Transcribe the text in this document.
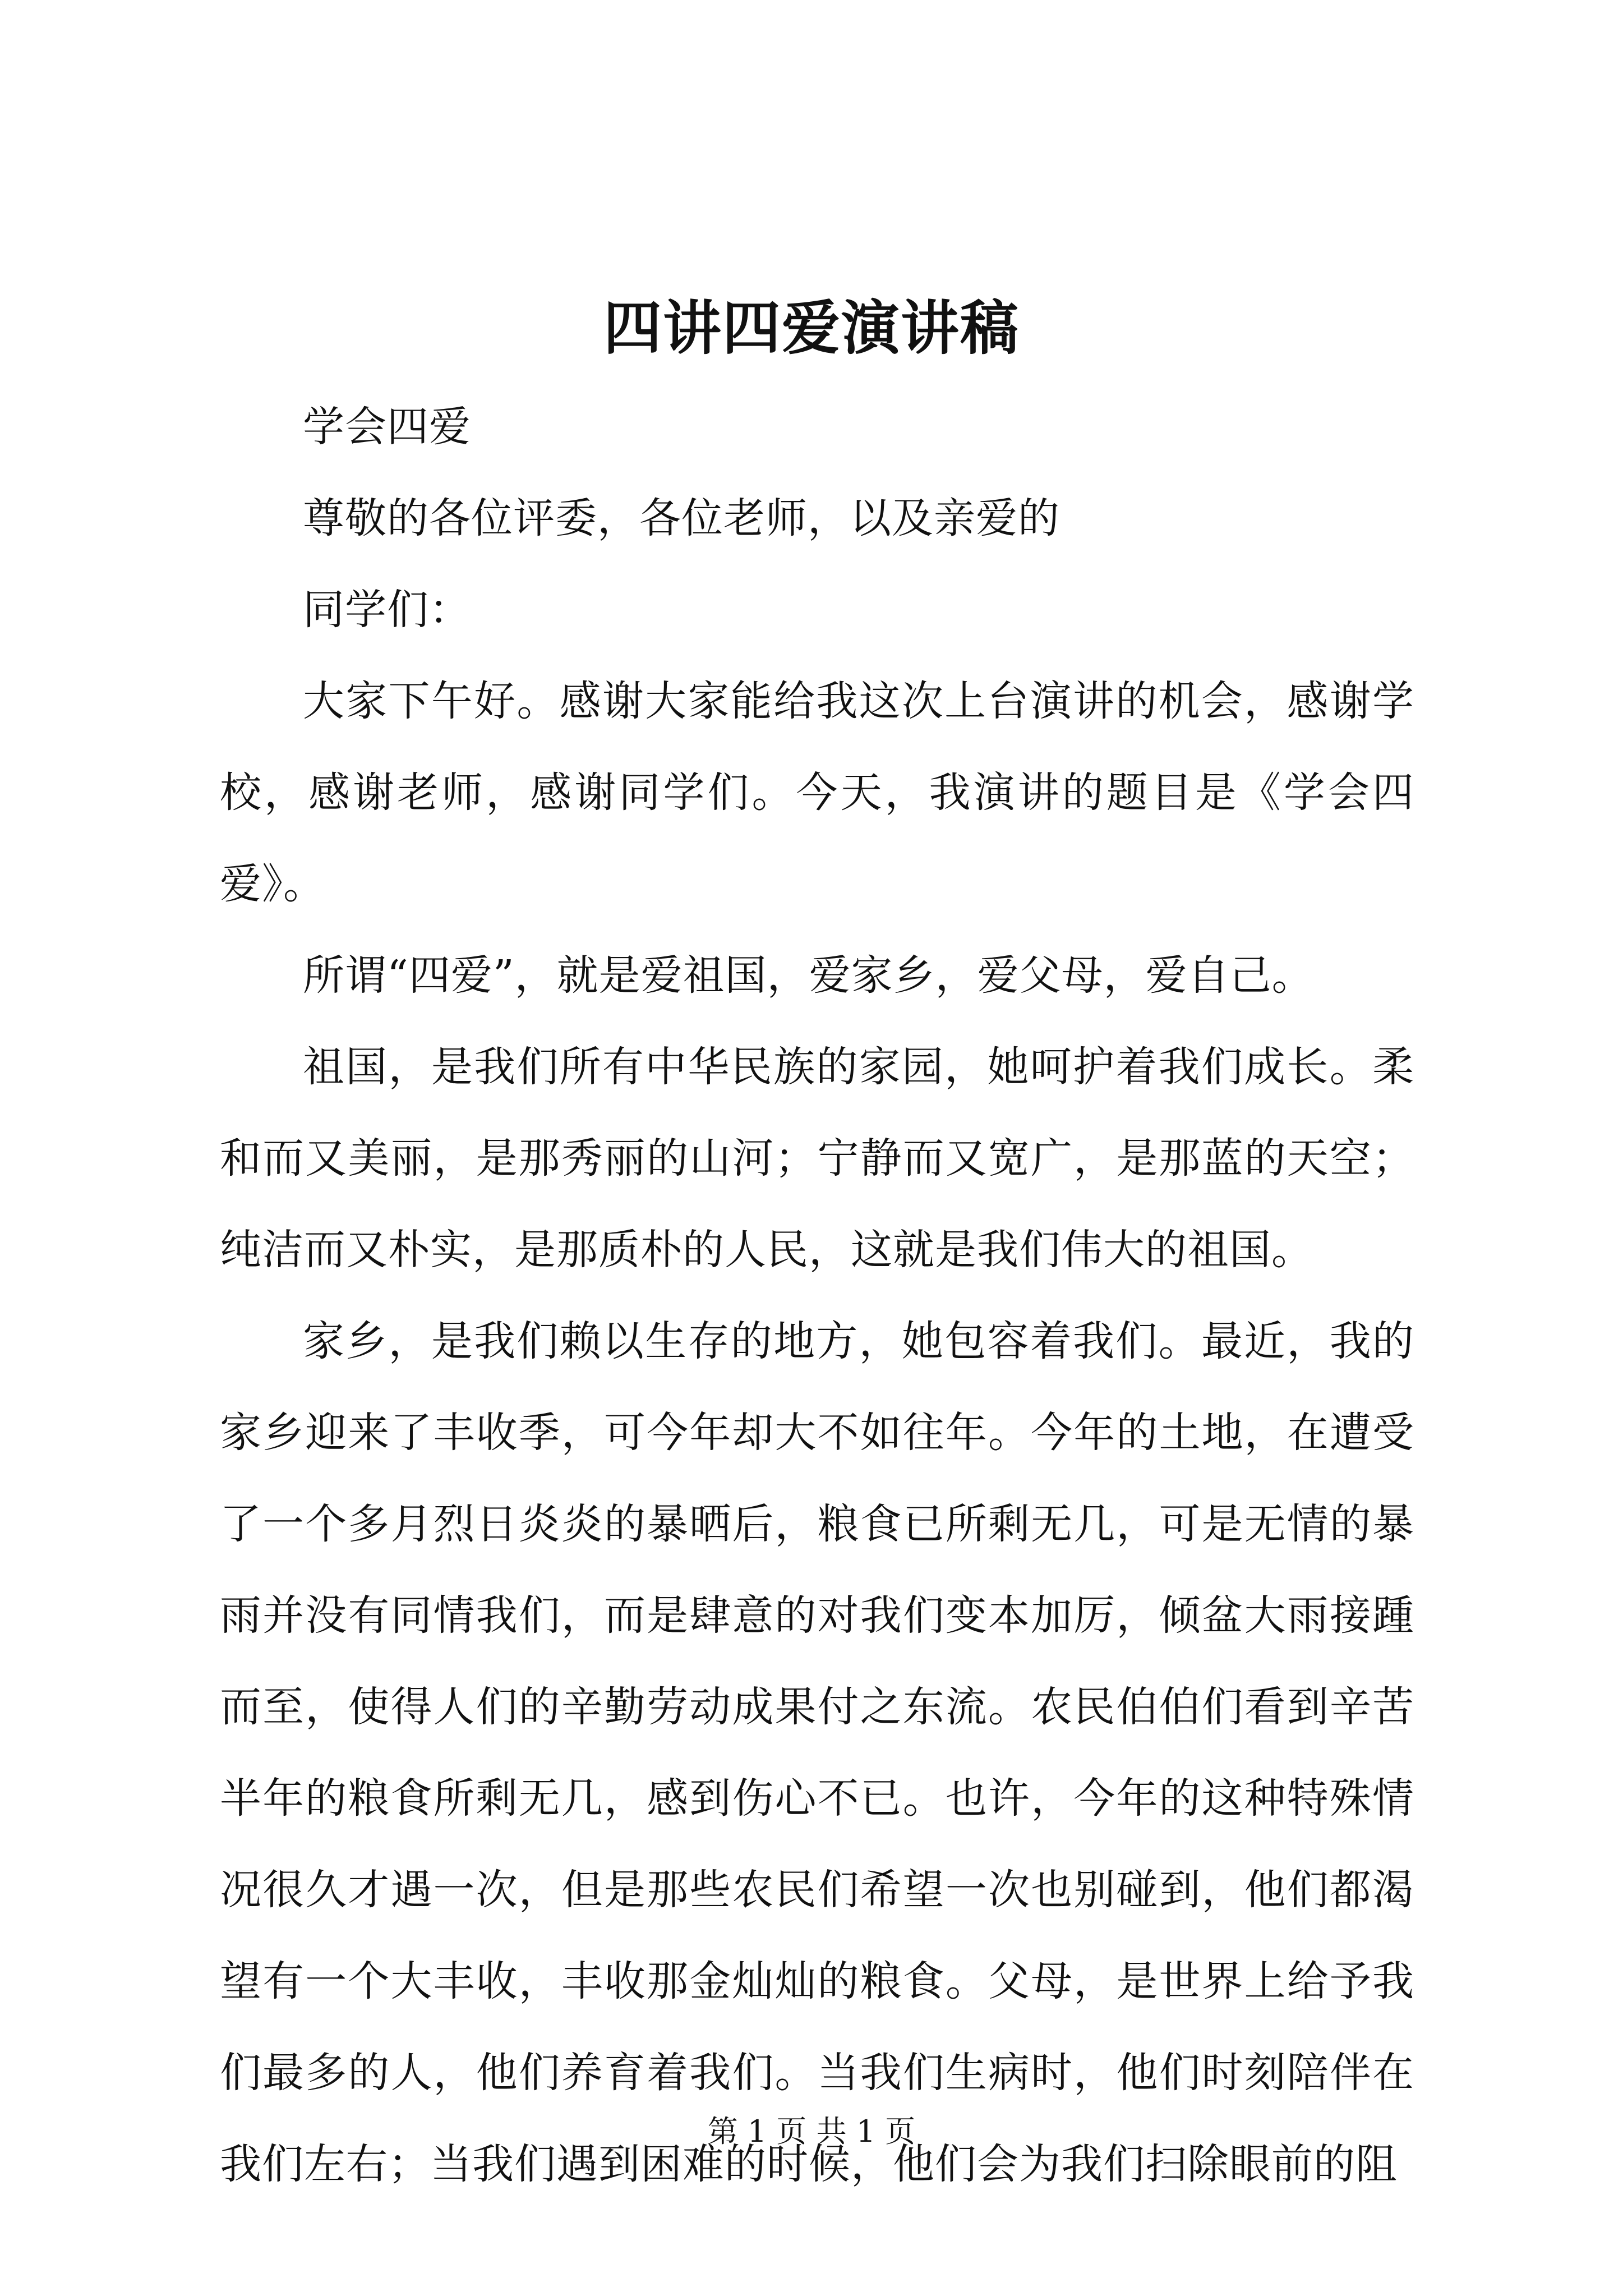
四讲四爱演讲稿

学会四爱

尊敬的各位评委，各位老师，以及亲爱的

同学们：

大家下午好。感谢大家能给我这次上台演讲的机会，感谢学校，感谢老师，感谢同学们。今天，我演讲的题目是《学会四爱》。

所谓“四爱”，就是爱祖国，爱家乡，爱父母，爱自己。

祖国，是我们所有中华民族的家园，她呵护着我们成长。柔和而又美丽，是那秀丽的山河；宁静而又宽广，是那蓝的天空；纯洁而又朴实，是那质朴的人民，这就是我们伟大的祖国。

家乡，是我们赖以生存的地方，她包容着我们。最近，我的家乡迎来了丰收季，可今年却大不如往年。今年的土地，在遭受了一个多月烈日炎炎的暴晒后，粮食已所剩无几，可是无情的暴雨并没有同情我们，而是肆意的对我们变本加厉，倾盆大雨接踵而至，使得人们的辛勤劳动成果付之东流。农民伯伯们看到辛苦半年的粮食所剩无几，感到伤心不已。也许，今年的这种特殊情况很久才遇一次，但是那些农民们希望一次也别碰到，他们都渴望有一个大丰收，丰收那金灿灿的粮食。父母，是世界上给予我们最多的人，他们养育着我们。当我们生病时，他们时刻陪伴在我们左右；当我们遇到困难的时候，他们会为我们扫除眼前的阻

第 1 页 共 1 页
